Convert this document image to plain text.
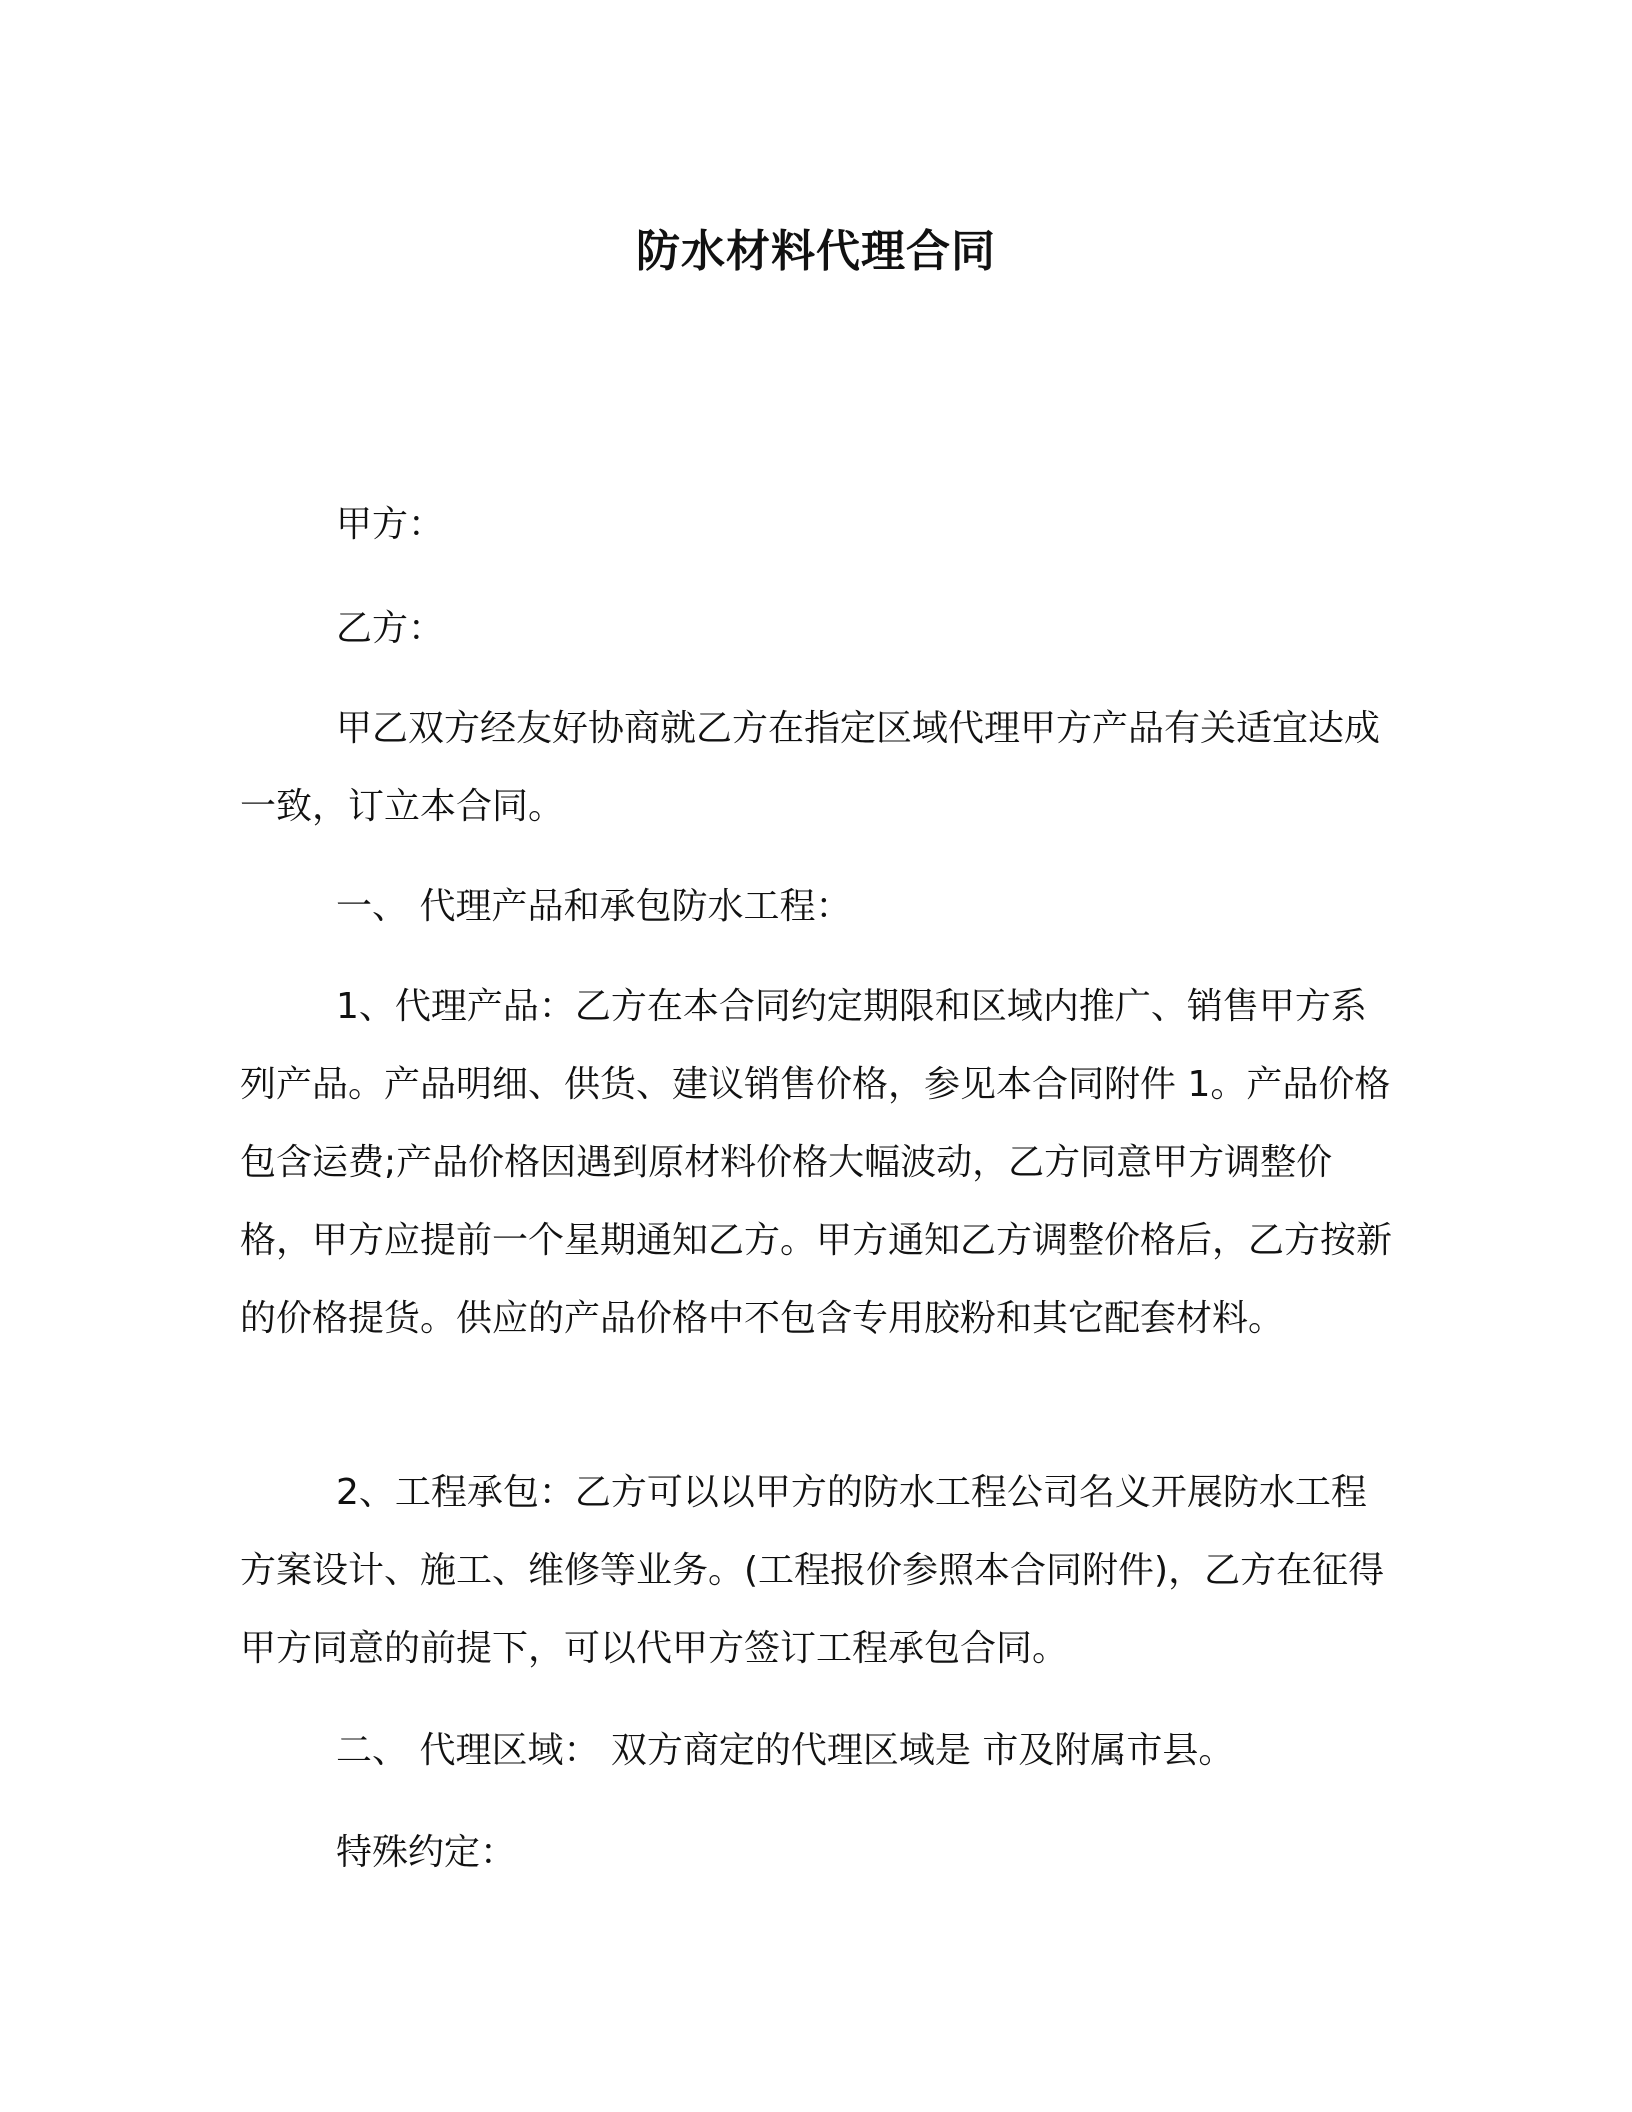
防水材料代理合同

甲方：

乙方：

甲乙双方经友好协商就乙方在指定区域代理甲方产品有关适宜达成一致，订立本合同。

一、 代理产品和承包防水工程：

1、代理产品：乙方在本合同约定期限和区域内推广、销售甲方系列产品。产品明细、供货、建议销售价格，参见本合同附件 1。产品价格包含运费;产品价格因遇到原材料价格大幅波动，乙方同意甲方调整价格，甲方应提前一个星期通知乙方。甲方通知乙方调整价格后，乙方按新的价格提货。供应的产品价格中不包含专用胶粉和其它配套材料。

2、工程承包：乙方可以以甲方的防水工程公司名义开展防水工程方案设计、施工、维修等业务。(工程报价参照本合同附件)，乙方在征得甲方同意的前提下，可以代甲方签订工程承包合同。

二、 代理区域： 双方商定的代理区域是 市及附属市县。

特殊约定：
